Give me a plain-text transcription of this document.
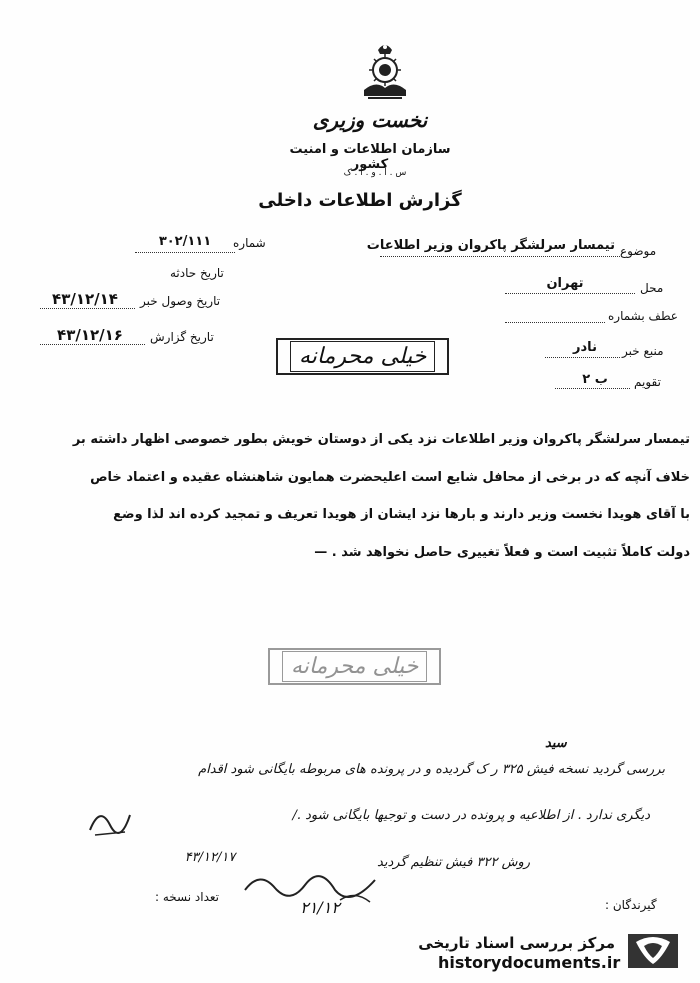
نخست وزیری
سازمان اطلاعات و امنیت کشور
س . ا . و . ا . ک
گزارش اطلاعات داخلی
شماره
۳۰۲/۱۱۱
تاریخ حادثه
تاریخ وصول خبر
۴۳/۱۲/۱۴
تاریخ گزارش
۴۳/۱۲/۱۶
موضوع
تیمسار سرلشگر پاکروان وزیر اطلاعات
محل
تهران
عطف بشماره
منبع خبر
نادر
تقویم
ب ۲
خیلی محرمانه
تیمسار سرلشگر پاکروان وزیر اطلاعات نزد یکی از دوستان خویش بطور خصوصی اظهار داشته بر
خلاف آنچه که در برخی از محافل شایع است اعلیحضرت همایون شاهنشاه عقیده و اعتماد خاص
با آقای هویدا نخست وزیر دارند و بارها نزد ایشان از هویدا تعریف و تمجید کرده اند لذا وضع
دولت کاملاً تثبیت است و فعلاً تغییری حاصل نخواهد شد . —
خیلی محرمانه
سید
بررسی گردید نسخه فیش ۳۲۵ ر ک گردیده و در پرونده های مربوطه بایگانی شود اقدام
دیگری ندارد . از اطلاعیه و پرونده در دست و توجیها بایگانی شود ./
روش ۳۲۲ فیش تنظیم گردید
۴۳/۱۲/۱۷
۲۱/۱۲	گیرندگان :
تعداد نسخه :
مرکز بررسی اسناد تاریخی
historydocuments.ir
